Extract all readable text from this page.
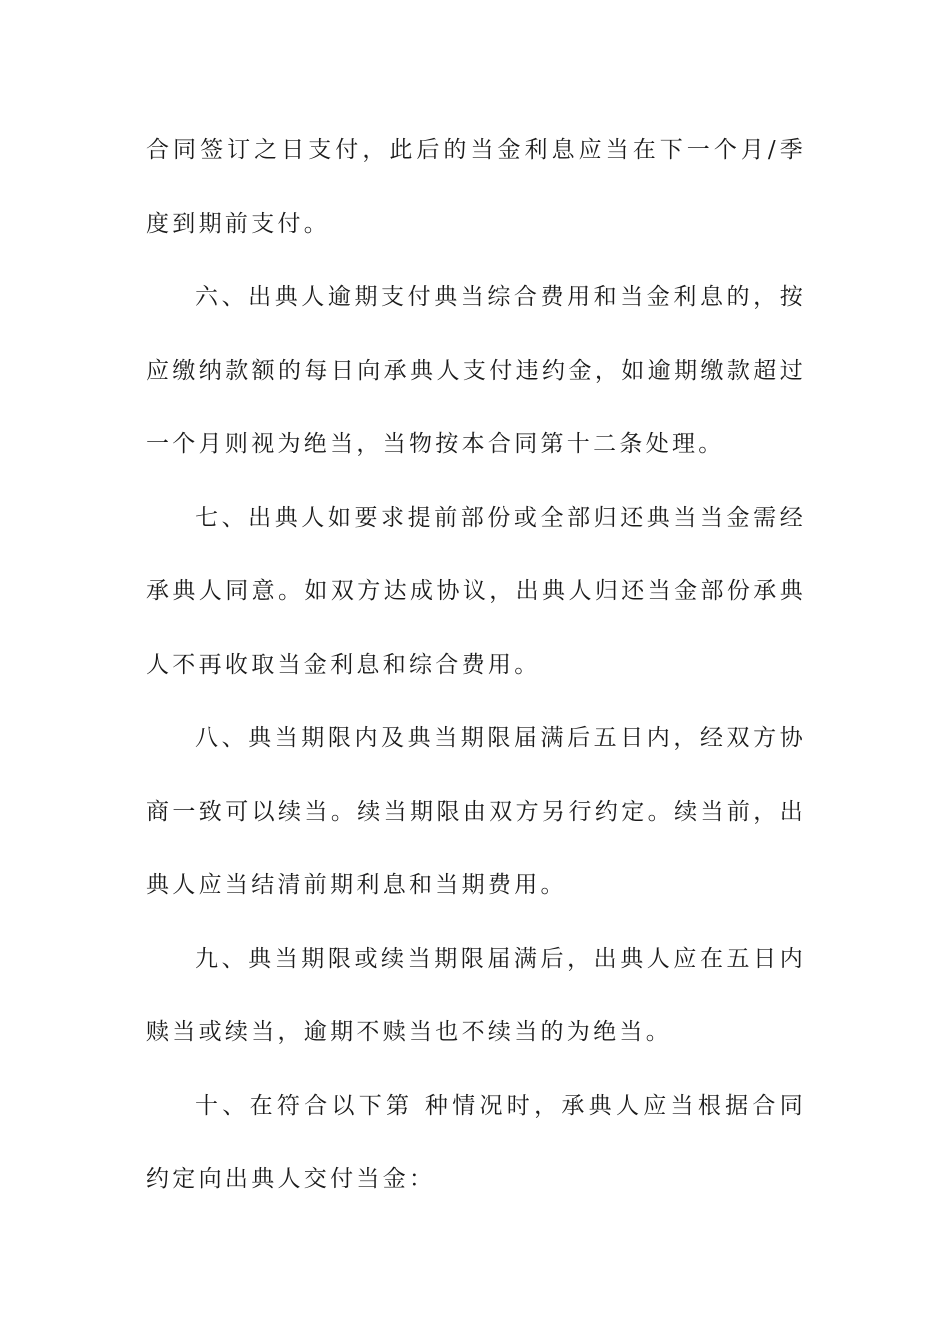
合同签订之日支付，此后的当金利息应当在下一个月/季度到期前支付。

六、出典人逾期支付典当综合费用和当金利息的，按应缴纳款额的每日向承典人支付违约金，如逾期缴款超过一个月则视为绝当，当物按本合同第十二条处理。

七、出典人如要求提前部份或全部归还典当当金需经承典人同意。如双方达成协议，出典人归还当金部份承典人不再收取当金利息和综合费用。

八、典当期限内及典当期限届满后五日内，经双方协商一致可以续当。续当期限由双方另行约定。续当前，出典人应当结清前期利息和当期费用。

九、典当期限或续当期限届满后，出典人应在五日内赎当或续当，逾期不赎当也不续当的为绝当。

十、在符合以下第 种情况时，承典人应当根据合同约定向出典人交付当金：
